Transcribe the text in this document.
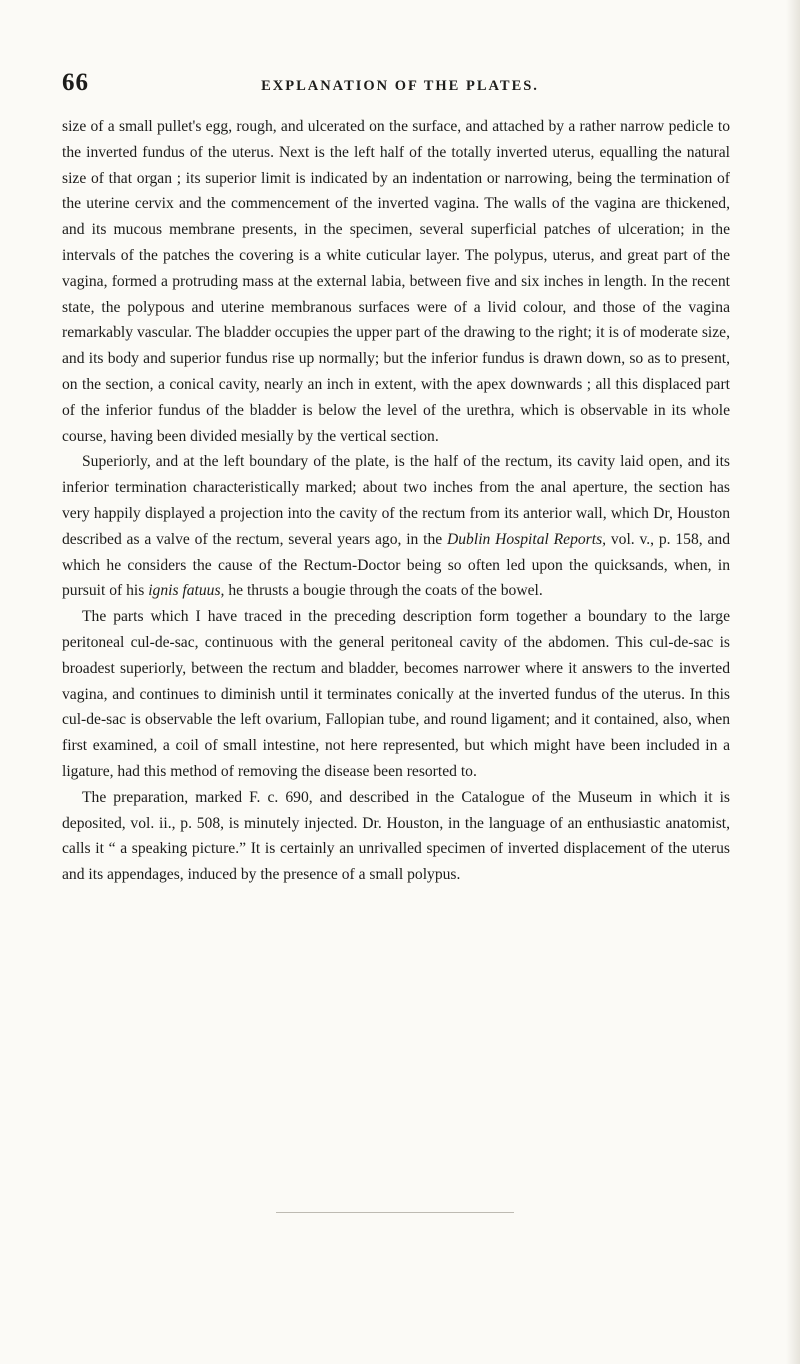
66	EXPLANATION OF THE PLATES.

size of a small pullet's egg, rough, and ulcerated on the surface, and attached by a rather narrow pedicle to the inverted fundus of the uterus. Next is the left half of the totally inverted uterus, equalling the natural size of that organ ; its superior limit is indicated by an indentation or narrowing, being the termination of the uterine cervix and the commencement of the inverted vagina. The walls of the vagina are thickened, and its mucous membrane presents, in the specimen, several superficial patches of ulceration; in the intervals of the patches the covering is a white cuticular layer. The polypus, uterus, and great part of the vagina, formed a protruding mass at the external labia, between five and six inches in length. In the recent state, the polypous and uterine membranous surfaces were of a livid colour, and those of the vagina remarkably vascular. The bladder occupies the upper part of the drawing to the right; it is of moderate size, and its body and superior fundus rise up normally; but the inferior fundus is drawn down, so as to present, on the section, a conical cavity, nearly an inch in extent, with the apex downwards ; all this displaced part of the inferior fundus of the bladder is below the level of the urethra, which is observable in its whole course, having been divided mesially by the vertical section.

Superiorly, and at the left boundary of the plate, is the half of the rectum, its cavity laid open, and its inferior termination characteristically marked; about two inches from the anal aperture, the section has very happily displayed a projection into the cavity of the rectum from its anterior wall, which Dr, Houston described as a valve of the rectum, several years ago, in the Dublin Hospital Reports, vol. v., p. 158, and which he considers the cause of the Rectum-Doctor being so often led upon the quicksands, when, in pursuit of his ignis fatuus, he thrusts a bougie through the coats of the bowel.

The parts which I have traced in the preceding description form together a boundary to the large peritoneal cul-de-sac, continuous with the general peritoneal cavity of the abdomen. This cul-de-sac is broadest superiorly, between the rectum and bladder, becomes narrower where it answers to the inverted vagina, and continues to diminish until it terminates conically at the inverted fundus of the uterus. In this cul-de-sac is observable the left ovarium, Fallopian tube, and round ligament; and it contained, also, when first examined, a coil of small intestine, not here represented, but which might have been included in a ligature, had this method of removing the disease been resorted to.

The preparation, marked F. c. 690, and described in the Catalogue of the Museum in which it is deposited, vol. ii., p. 508, is minutely injected. Dr. Houston, in the language of an enthusiastic anatomist, calls it “ a speaking picture.” It is certainly an unrivalled specimen of inverted displacement of the uterus and its appendages, induced by the presence of a small polypus.
